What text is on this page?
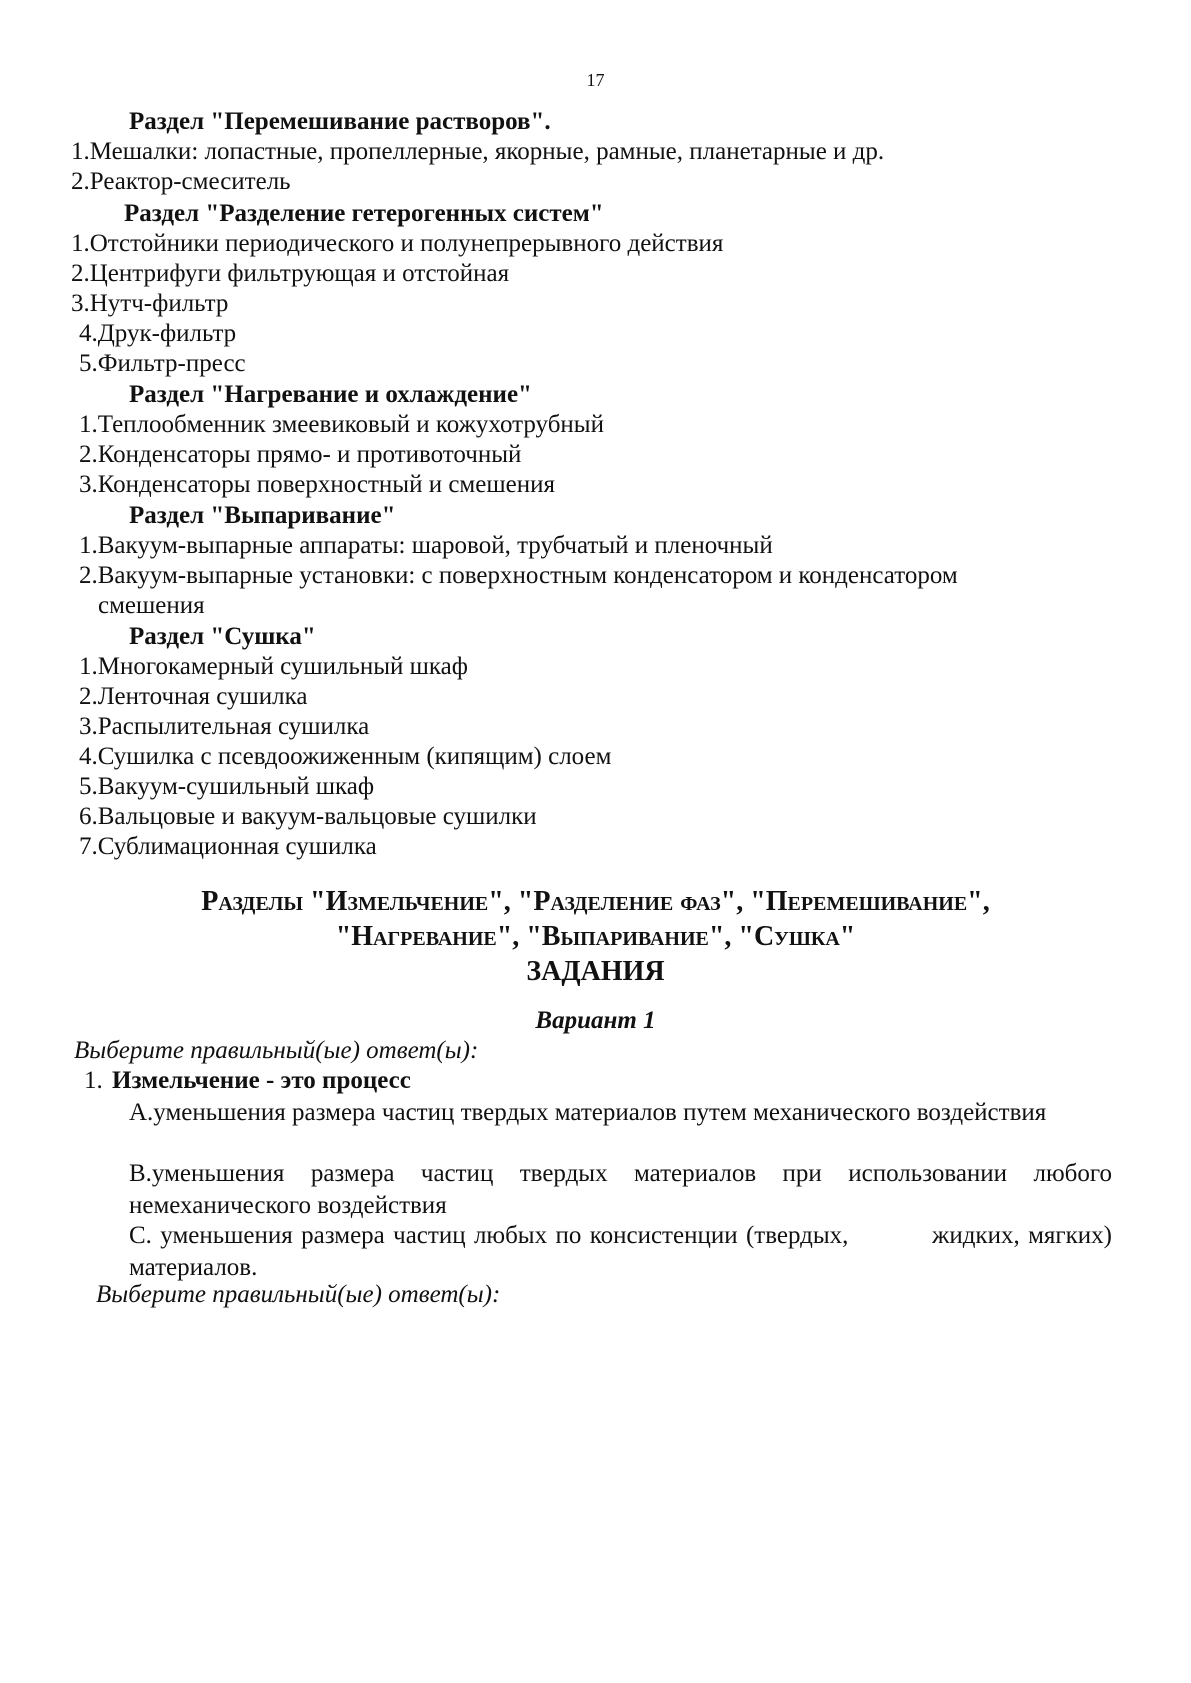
17
Раздел "Перемешивание растворов".
1.Мешалки: лопастные, пропеллерные, якорные, рамные, планетарные и др.
2.Реактор-смеситель
Раздел "Разделение гетерогенных систем"
1.Отстойники периодического и полунепрерывного действия
2.Центрифуги фильтрующая и отстойная
3.Нутч-фильтр
4.Друк-фильтр
5.Фильтр-пресс
Раздел "Нагревание и охлаждение"
1.Теплообменник змеевиковый и кожухотрубный
2.Конденсаторы прямо- и противоточный
3.Конденсаторы поверхностный и смешения
Раздел "Выпаривание"
1.Вакуум-выпарные аппараты: шаровой, трубчатый и пленочный
2.Вакуум-выпарные установки: с поверхностным конденсатором и конденсатором
смешения
Раздел "Сушка"
1.Многокамерный сушильный шкаф
2.Ленточная сушилка
3.Распылительная сушилка
4.Сушилка с псевдоожиженным (кипящим) слоем
5.Вакуум-сушильный шкаф
6.Вальцовые и вакуум-вальцовые сушилки
7.Сублимационная сушилка
Разделы "Измельчение", "Разделение фаз", "Перемешивание",
"Нагревание", "Выпаривание", "Сушка"
ЗАДАНИЯ
Вариант 1
Выберите правильный(ые) ответ(ы):
1. Измельчение - это процесс
А.уменьшения размера частиц твердых материалов путем механического воздействия
В.уменьшения размера частиц твердых материалов при использовании любого немеханического воздействия
С. уменьшения размера частиц любых по консистенции (твердых,          жидких, мягких)  материалов.
Выберите правильный(ые) ответ(ы):
